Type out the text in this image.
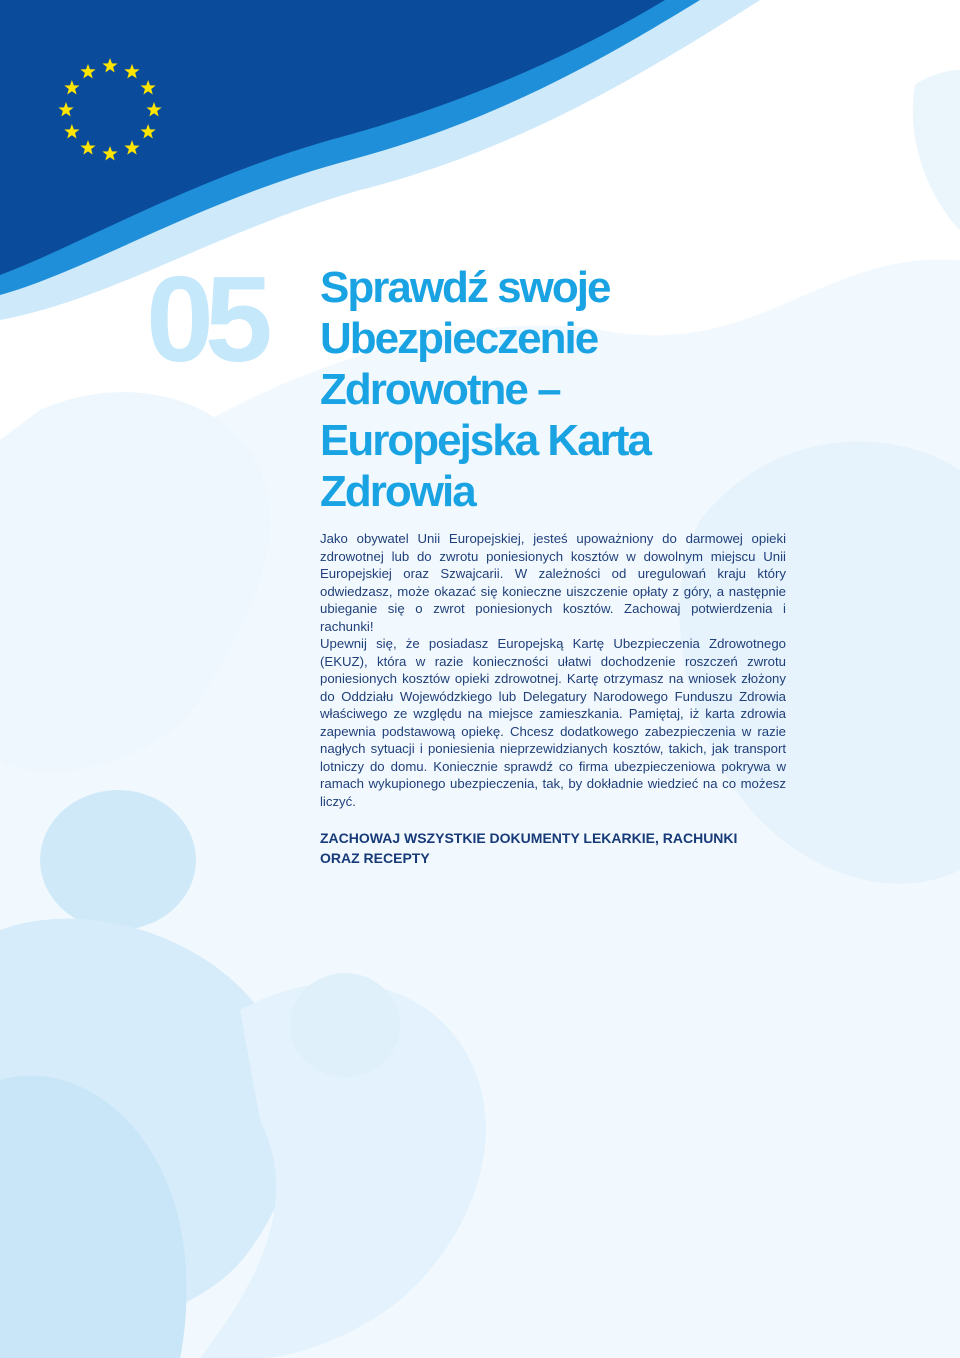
05 Sprawdź swoje
Ubezpieczenie
Zdrowotne –
Europejska Karta
Zdrowia

Jako obywatel Unii Europejskiej, jesteś upoważniony do darmowej opieki zdrowotnej lub do zwrotu poniesionych kosztów w dowolnym miejscu Unii Europejskiej oraz Szwajcarii. W zależności od uregulowań kraju który odwiedzasz, może okazać się konieczne uiszczenie opłaty z góry, a następnie ubieganie się o zwrot poniesionych kosztów. Zachowaj potwierdzenia i rachunki!

Upewnij się, że posiadasz Europejską Kartę Ubezpieczenia Zdrowotnego (EKUZ), która w razie konieczności ułatwi dochodzenie roszczeń zwrotu poniesionych kosztów opieki zdrowotnej. Kartę otrzymasz na wniosek złożony do Oddziału Wojewódzkiego lub Delegatury Narodowego Funduszu Zdrowia właściwego ze względu na miejsce zamieszkania. Pamiętaj, iż karta zdrowia zapewnia podstawową opiekę. Chcesz dodatkowego zabezpieczenia w razie nagłych sytuacji i poniesienia nieprzewidzianych kosztów, takich, jak transport lotniczy do domu. Koniecznie sprawdź co firma ubezpieczeniowa pokrywa w ramach wykupionego ubezpieczenia, tak, by dokładnie wiedzieć na co możesz liczyć.

ZACHOWAJ WSZYSTKIE DOKUMENTY LEKARKIE, RACHUNKI
ORAZ RECEPTY
